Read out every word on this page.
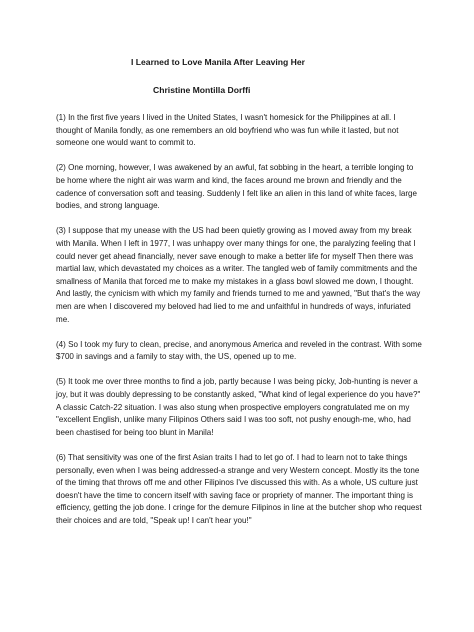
I Learned to Love Manila After Leaving Her
Christine Montilla Dorffi

(1) In the first five years I lived in the United States, I wasn't homesick for the Philippines at all. I thought of Manila fondly, as one remembers an old boyfriend who was fun while it lasted, but not someone one would want to commit to.

(2) One morning, however, I was awakened by an awful, fat sobbing in the heart, a terrible longing to be home where the night air was warm and kind, the faces around me brown and friendly and the cadence of conversation soft and teasing. Suddenly I felt like an alien in this land of white faces, large bodies, and strong language.

(3) I suppose that my unease with the US had been quietly growing as I moved away from my break with Manila. When I left in 1977, I was unhappy over many things for one, the paralyzing feeling that I could never get ahead financially, never save enough to make a better life for myself Then there was martial law, which devastated my choices as a writer. The tangled web of family commitments and the smallness of Manila that forced me to make my mistakes in a glass bowl slowed me down, I thought. And lastly, the cynicism with which my family and friends turned to me and yawned, "But that's the way men are when I discovered my beloved had lied to me and unfaithful in hundreds of ways, infuriated me.

(4) So I took my fury to clean, precise, and anonymous America and reveled in the contrast. With some $700 in savings and a family to stay with, the US, opened up to me.

(5) It took me over three months to find a job, partly because I was being picky, Job-hunting is never a joy, but it was doubly depressing to be constantly asked, "What kind of legal experience do you have?" A classic Catch-22 situation. I was also stung when prospective employers congratulated me on my "excellent English, unlike many Filipinos Others said I was too soft, not pushy enough-me, who, had been chastised for being too blunt in Manila!

(6) That sensitivity was one of the first Asian traits I had to let go of. I had to learn not to take things personally, even when I was being addressed-a strange and very Western concept. Mostly its the tone of the timing that throws off me and other Filipinos I've discussed this with. As a whole, US culture just doesn't have the time to concern itself with saving face or propriety of manner. The important thing is efficiency, getting the job done. I cringe for the demure Filipinos in line at the butcher shop who request their choices and are told, "Speak up! I can't hear you!"
